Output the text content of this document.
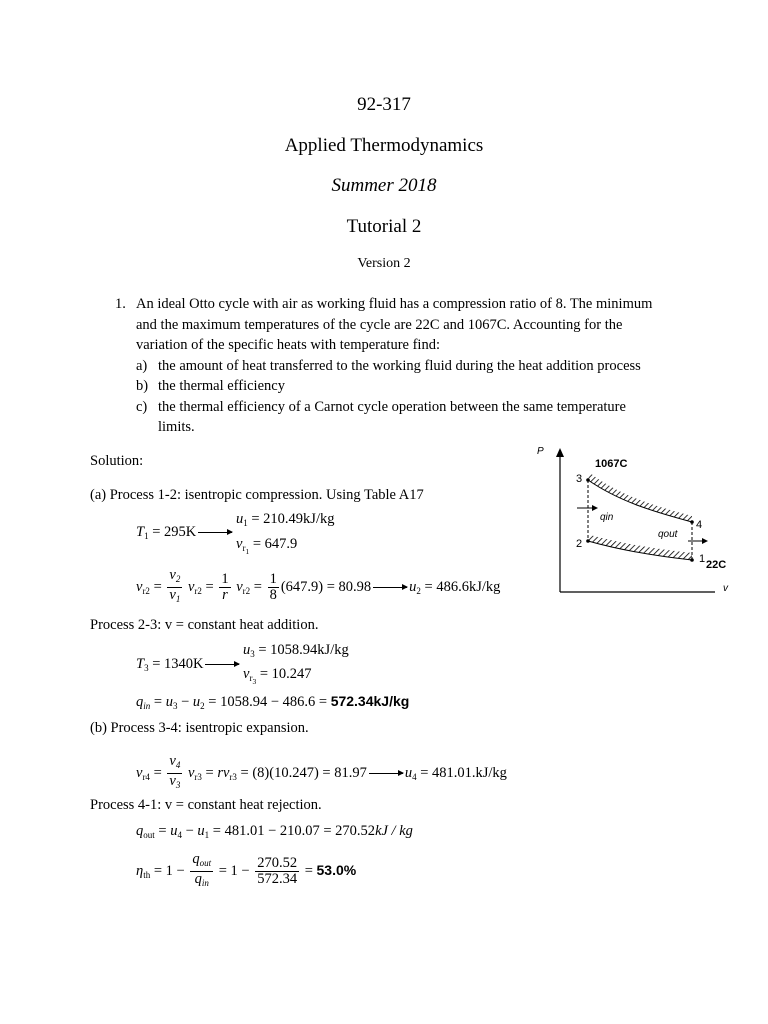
92-317
Applied Thermodynamics
Summer 2018
Tutorial 2
Version 2
1. An ideal Otto cycle with air as working fluid has a compression ratio of 8. The minimum
and the maximum temperatures of the cycle are 22C and 1067C. Accounting for the
variation of the specific heats with temperature find:
a) the amount of heat transferred to the working fluid during the heat addition process
b) the thermal efficiency
c) the thermal efficiency of a Carnot cycle operation between the same temperature
limits.
Solution:
(a) Process 1-2: isentropic compression. Using Table A17
$T_1 = 295K$
$u_1 = 210.49kJ/kg$
$v_{r_1} = 647.9$
$v_{r2} = \frac{v_2}{v_1} v_{r2} = \frac{1}{r} v_{r2} = \frac{1}{8} (647.9) = 80.98$	$u_2 = 486.6kJ/kg$
Process 2-3: v = constant heat addition.
$T_3 = 1340K$
$u_3 = 1058.94kJ/kg$
$v_{r_3} = 10.247$
$q_{in} = u_3 - u_2 = 1058.94 - 486.6 = 572.34kJ/kg$
(b) Process 3-4: isentropic expansion.
$v_{r4} = \frac{v_4}{v_3} v_{r3} = rv_{r3} = (8)(10.247) = 81.97$	$u_4 = 481.01.kJ/kg$
Process 4-1: v = constant heat rejection.
$q_{out} = u_4 - u_1 = 481.01 - 210.07 = 270.52kJ$ / kg
$\eta_{th} = 1 - \frac{q_{out}}{q_{in}} = 1 - \frac{270.52}{572.34} = 53.0\%$
P
v
3
2
4
1
1067C
22C
qin
qout
